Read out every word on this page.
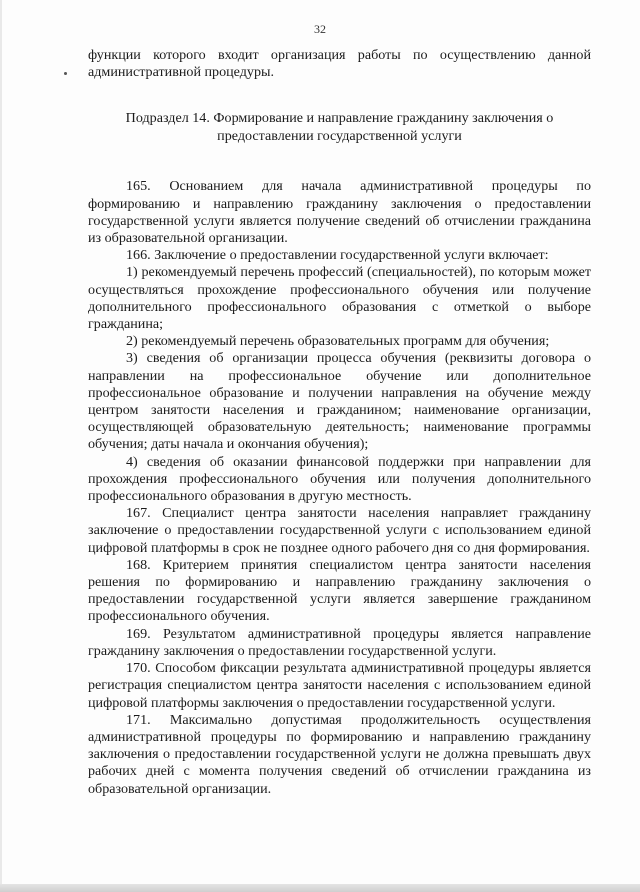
32

функции которого входит организация работы по осуществлению данной административной процедуры.

Подраздел 14. Формирование и направление гражданину заключения о предоставлении государственной услуги

165. Основанием для начала административной процедуры по формированию и направлению гражданину заключения о предоставлении государственной услуги является получение сведений об отчислении гражданина из образовательной организации.

166. Заключение о предоставлении государственной услуги включает:

1) рекомендуемый перечень профессий (специальностей), по которым может осуществляться прохождение профессионального обучения или получение дополнительного профессионального образования с отметкой о выборе гражданина;

2) рекомендуемый перечень образовательных программ для обучения;

3) сведения об организации процесса обучения (реквизиты договора о направлении на профессиональное обучение или дополнительное профессиональное образование и получении направления на обучение между центром занятости населения и гражданином; наименование организации, осуществляющей образовательную деятельность; наименование программы обучения; даты начала и окончания обучения);

4) сведения об оказании финансовой поддержки при направлении для прохождения профессионального обучения или получения дополнительного профессионального образования в другую местность.

167. Специалист центра занятости населения направляет гражданину заключение о предоставлении государственной услуги с использованием единой цифровой платформы в срок не позднее одного рабочего дня со дня формирования.

168. Критерием принятия специалистом центра занятости населения решения по формированию и направлению гражданину заключения о предоставлении государственной услуги является завершение гражданином профессионального обучения.

169. Результатом административной процедуры является направление гражданину заключения о предоставлении государственной услуги.

170. Способом фиксации результата административной процедуры является регистрация специалистом центра занятости населения с использованием единой цифровой платформы заключения о предоставлении государственной услуги.

171. Максимально допустимая продолжительность осуществления административной процедуры по формированию и направлению гражданину заключения о предоставлении государственной услуги не должна превышать двух рабочих дней с момента получения сведений об отчислении гражданина из образовательной организации.
